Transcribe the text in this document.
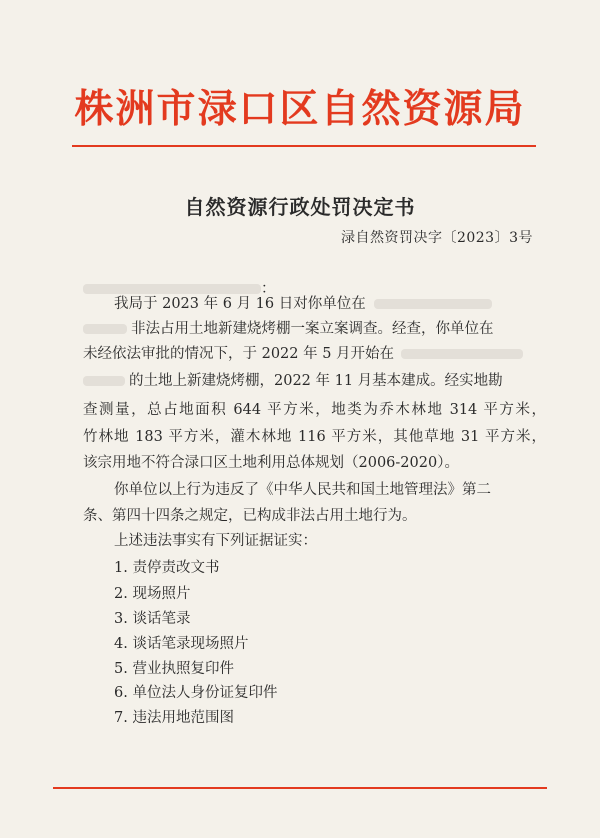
株洲市渌口区自然资源局
自然资源行政处罚决定书
渌自然资罚决字〔2023〕3号
：
我局于 2023 年 6 月 16 日对你单位在
非法占用土地新建烧烤棚一案立案调查。经查，你单位在
未经依法审批的情况下，于 2022 年 5 月开始在
的土地上新建烧烤棚，2022 年 11 月基本建成。经实地勘
查测量，总占地面积 644 平方米，地类为乔木林地 314 平方米，
竹林地 183 平方米，灌木林地 116 平方米，其他草地 31 平方米，
该宗用地不符合渌口区土地利用总体规划（2006-2020）。
你单位以上行为违反了《中华人民共和国土地管理法》第二
条、第四十四条之规定，已构成非法占用土地行为。
上述违法事实有下列证据证实：
1. 责停责改文书
2. 现场照片
3. 谈话笔录
4. 谈话笔录现场照片
5. 营业执照复印件
6. 单位法人身份证复印件
7. 违法用地范围图
